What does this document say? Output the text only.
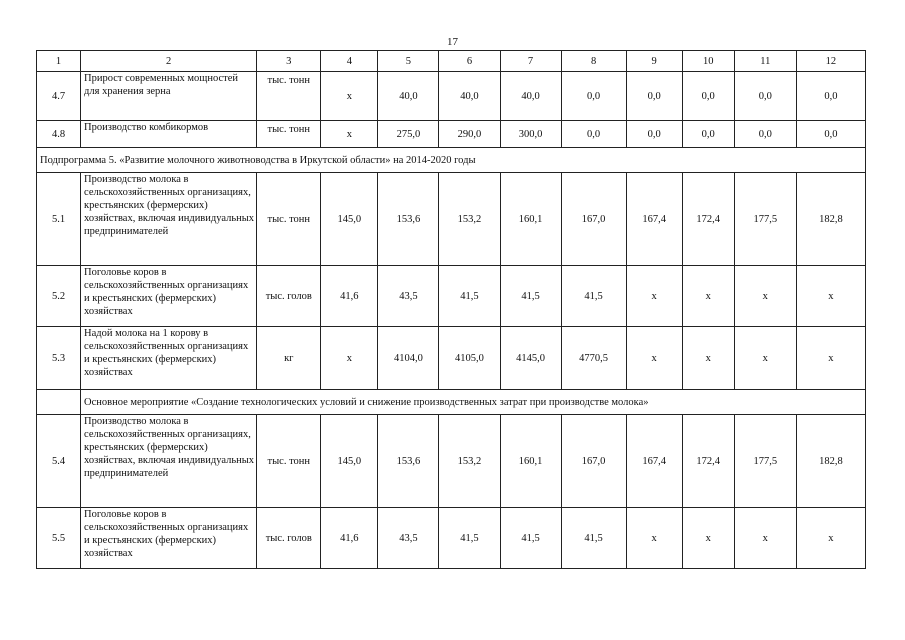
17
1	2	3	4	5	6	7	8	9	10	11	12
4.7	Прирост современных мощностей для хранения зерна	тыс. тонн	х	40,0	40,0	40,0	0,0	0,0	0,0	0,0	0,0
4.8	Производство комбикормов	тыс. тонн	х	275,0	290,0	300,0	0,0	0,0	0,0	0,0	0,0
Подпрограмма 5. «Развитие молочного животноводства в Иркутской области» на 2014-2020 годы											
5.1	Производство молока в сельскохозяйственных организациях, крестьянских (фермерских) хозяйствах, включая индивидуальных предпринимателей	тыс. тонн	145,0	153,6	153,2	160,1	167,0	167,4	172,4	177,5	182,8
5.2	Поголовье коров в сельскохозяйственных организациях и крестьянских (фермерских) хозяйствах	тыс. голов	41,6	43,5	41,5	41,5	41,5	х	х	х	х
5.3	Надой молока на 1 корову в сельскохозяйственных организациях и крестьянских (фермерских) хозяйствах	кг	х	4104,0	4105,0	4145,0	4770,5	х	х	х	х
	Основное мероприятие «Создание технологических условий и снижение производственных затрат при производстве молока»										
5.4	Производство молока в сельскохозяйственных организациях, крестьянских (фермерских) хозяйствах, включая индивидуальных предпринимателей	тыс. тонн	145,0	153,6	153,2	160,1	167,0	167,4	172,4	177,5	182,8
5.5	Поголовье коров в сельскохозяйственных организациях и крестьянских (фермерских) хозяйствах	тыс. голов	41,6	43,5	41,5	41,5	41,5	х	х	х	х
